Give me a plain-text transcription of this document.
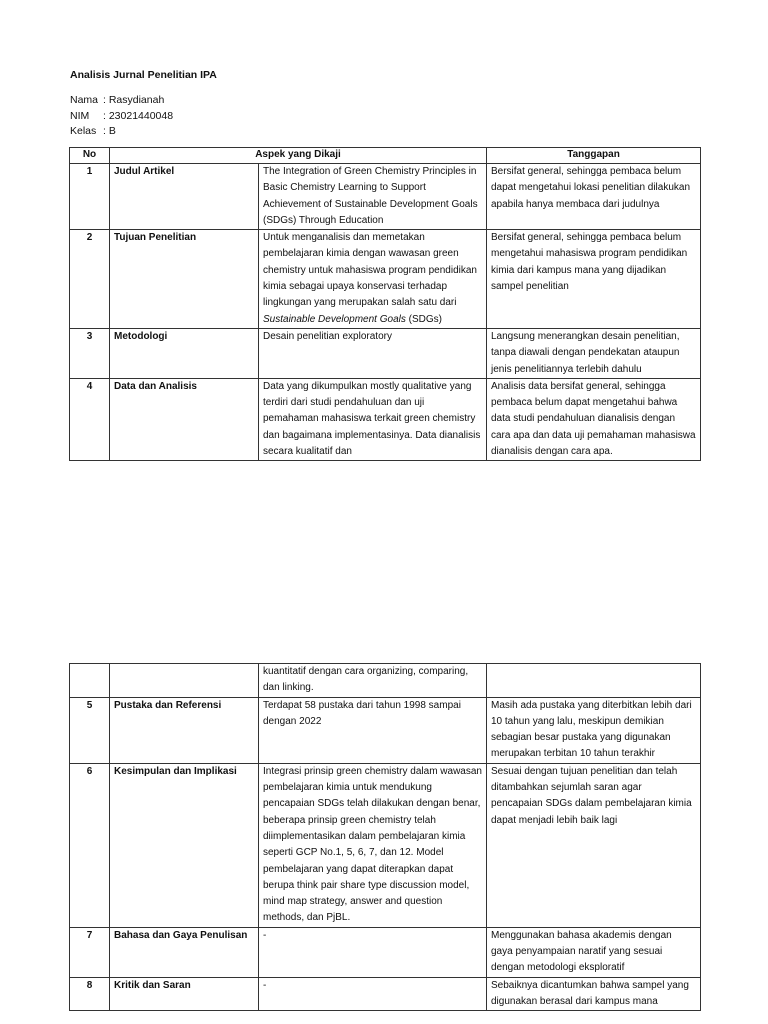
Analisis Jurnal Penelitian IPA
Nama : Rasydianah
NIM	: 23021440048
Kelas : B
No	Aspek yang Dikaji		Tanggapan
1	Judul Artikel	The Integration of Green Chemistry Principles in Basic Chemistry Learning to Support Achievement of Sustainable Development Goals (SDGs) Through Education	Bersifat general, sehingga pembaca belum dapat mengetahui lokasi penelitian dilakukan apabila hanya membaca dari judulnya
2	Tujuan Penelitian	Untuk menganalisis dan memetakan pembelajaran kimia dengan wawasan green chemistry untuk mahasiswa program pendidikan kimia sebagai upaya konservasi terhadap lingkungan yang merupakan salah satu dari Sustainable Development Goals (SDGs)	Bersifat general, sehingga pembaca belum mengetahui mahasiswa program pendidikan kimia dari kampus mana yang dijadikan sampel penelitian
3	Metodologi	Desain penelitian exploratory	Langsung menerangkan desain penelitian, tanpa diawali dengan pendekatan ataupun jenis penelitiannya terlebih dahulu
4	Data dan Analisis	Data yang dikumpulkan mostly qualitative yang terdiri dari studi pendahuluan dan uji pemahaman mahasiswa terkait green chemistry dan bagaimana implementasinya. Data dianalisis secara kualitatif dan	Analisis data bersifat general, sehingga pembaca belum dapat mengetahui bahwa data studi pendahuluan dianalisis dengan cara apa dan data uji pemahaman mahasiswa dianalisis dengan cara apa.
		kuantitatif dengan cara organizing, comparing, dan linking.	
5	Pustaka dan Referensi	Terdapat 58 pustaka dari tahun 1998 sampai dengan 2022	Masih ada pustaka yang diterbitkan lebih dari 10 tahun yang lalu, meskipun demikian sebagian besar pustaka yang digunakan merupakan terbitan 10 tahun terakhir
6	Kesimpulan dan Implikasi	Integrasi prinsip green chemistry dalam wawasan pembelajaran kimia untuk mendukung pencapaian SDGs telah dilakukan dengan benar, beberapa prinsip green chemistry telah diimplementasikan dalam pembelajaran kimia seperti GCP No.1, 5, 6, 7, dan 12. Model pembelajaran yang dapat diterapkan dapat berupa think pair share type discussion model, mind map strategy, answer and question methods, dan PjBL.	Sesuai dengan tujuan penelitian dan telah ditambahkan sejumlah saran agar pencapaian SDGs dalam pembelajaran kimia dapat menjadi lebih baik lagi
7	Bahasa dan Gaya Penulisan	-	Menggunakan bahasa akademis dengan gaya penyampaian naratif yang sesuai dengan metodologi eksploratif
8	Kritik dan Saran	-	Sebaiknya dicantumkan bahwa sampel yang digunakan berasal dari kampus mana
